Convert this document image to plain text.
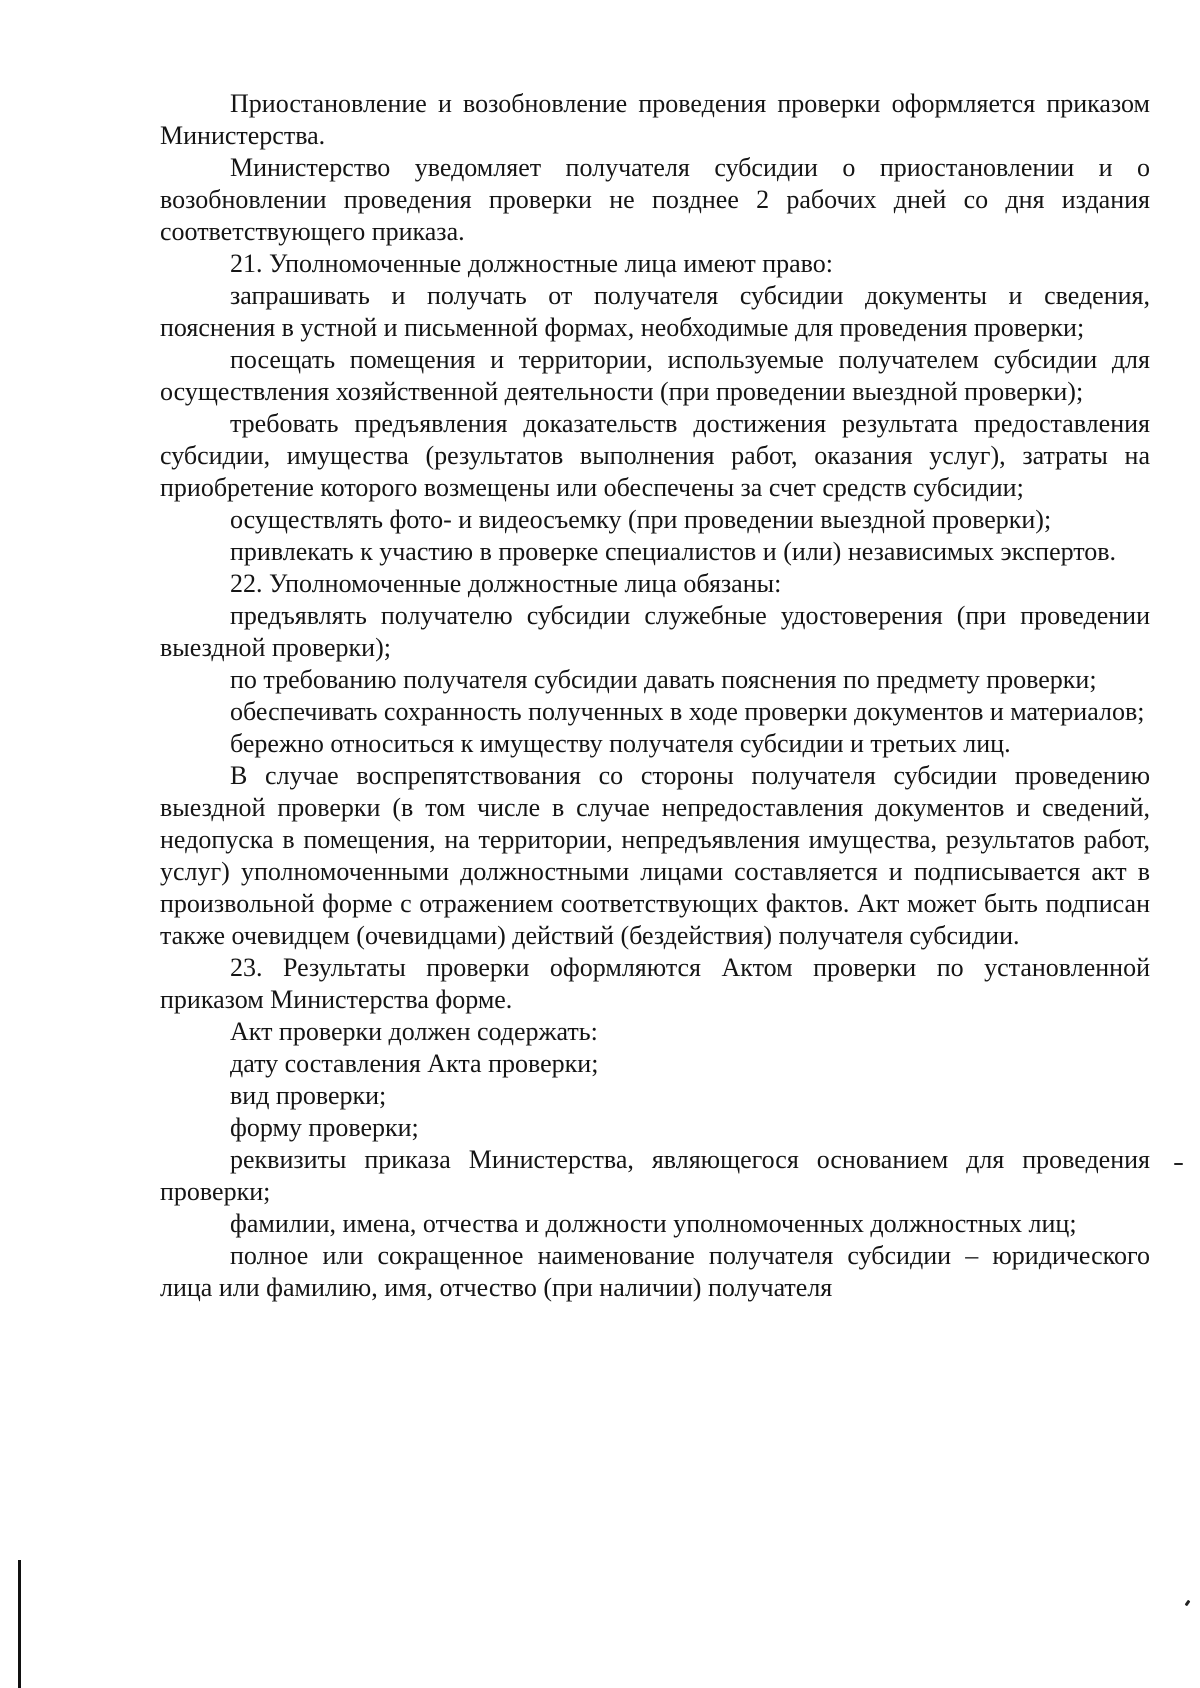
Приостановление и возобновление проведения проверки оформляется приказом Министерства.

Министерство уведомляет получателя субсидии о приостановлении и о возобновлении проведения проверки не позднее 2 рабочих дней со дня издания соответствующего приказа.

21. Уполномоченные должностные лица имеют право:

запрашивать и получать от получателя субсидии документы и сведения, пояснения в устной и письменной формах, необходимые для проведения проверки;

посещать помещения и территории, используемые получателем субсидии для осуществления хозяйственной деятельности (при проведении выездной проверки);

требовать предъявления доказательств достижения результата предоставления субсидии, имущества (результатов выполнения работ, оказания услуг), затраты на приобретение которого возмещены или обеспечены за счет средств субсидии;

осуществлять фото- и видеосъемку (при проведении выездной проверки);

привлекать к участию в проверке специалистов и (или) независимых экспертов.

22. Уполномоченные должностные лица обязаны:

предъявлять получателю субсидии служебные удостоверения (при проведении выездной проверки);

по требованию получателя субсидии давать пояснения по предмету проверки;

обеспечивать сохранность полученных в ходе проверки документов и материалов;

бережно относиться к имуществу получателя субсидии и третьих лиц.

В случае воспрепятствования со стороны получателя субсидии проведению выездной проверки (в том числе в случае непредоставления документов и сведений, недопуска в помещения, на территории, непредъявления имущества, результатов работ, услуг) уполномоченными должностными лицами составляется и подписывается акт в произвольной форме с отражением соответствующих фактов. Акт может быть подписан также очевидцем (очевидцами) действий (бездействия) получателя субсидии.

23. Результаты проверки оформляются Актом проверки по установленной приказом Министерства форме.

Акт проверки должен содержать:

дату составления Акта проверки;

вид проверки;

форму проверки;

реквизиты приказа Министерства, являющегося основанием для проведения проверки;

фамилии, имена, отчества и должности уполномоченных должностных лиц;

полное или сокращенное наименование получателя субсидии – юридического лица или фамилию, имя, отчество (при наличии) получателя
